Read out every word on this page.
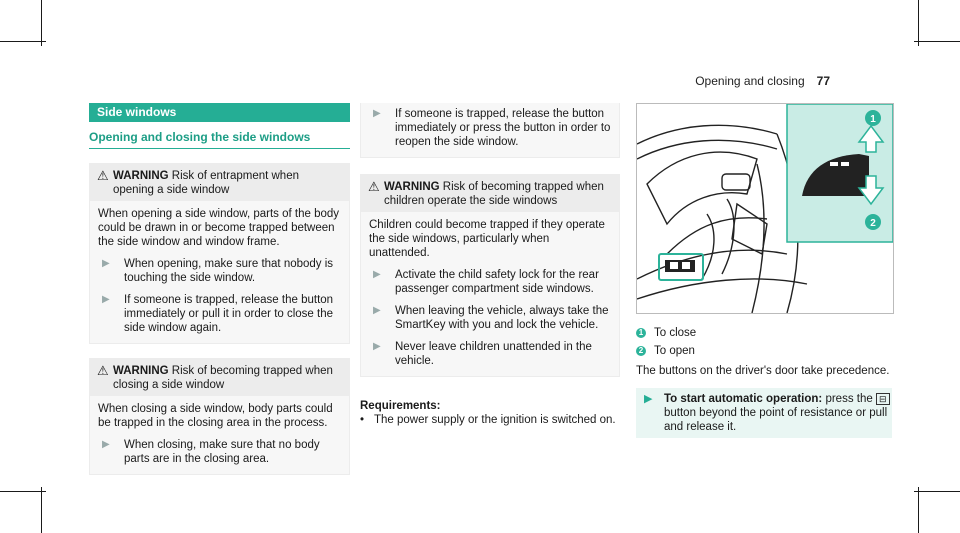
Opening and closing 77
Side windows
Opening and closing the side windows
⚠ WARNING Risk of entrapment when opening a side window

When opening a side window, parts of the body could be drawn in or become trapped between the side window and window frame.

▶	When opening, make sure that nobody is touching the side window.
▶	If someone is trapped, release the button immediately or pull it in order to close the side window again.
⚠ WARNING Risk of becoming trapped when closing a side window

When closing a side window, body parts could be trapped in the closing area in the process.

▶	When closing, make sure that no body parts are in the closing area.
▶	If someone is trapped, release the button immediately or press the button in order to reopen the side window.
⚠ WARNING Risk of becoming trapped when children operate the side windows

Children could become trapped if they operate the side windows, particularly when unattended.

▶	Activate the child safety lock for the rear passenger compartment side windows.
▶	When leaving the vehicle, always take the SmartKey with you and lock the vehicle.
▶	Never leave children unattended in the vehicle.
Requirements:
• The power supply or the ignition is switched on.
1
2
1 To close
2 To open
The buttons on the driver's door take precedence.
▶	To start automatic operation: press the ⊟ button beyond the point of resistance or pull and release it.
